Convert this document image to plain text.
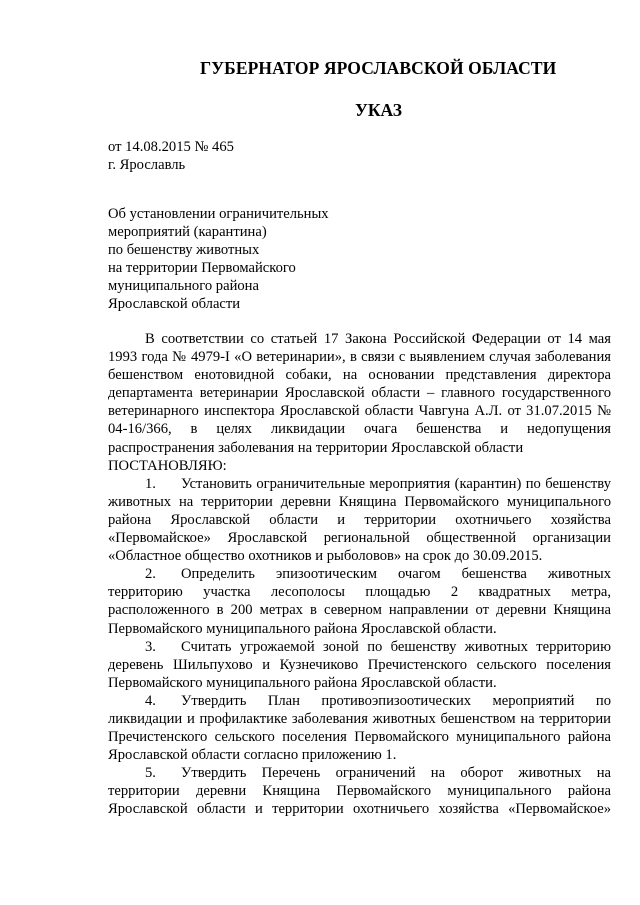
ГУБЕРНАТОР ЯРОСЛАВСКОЙ ОБЛАСТИ
УКАЗ
от 14.08.2015 № 465
г. Ярославль
Об установлении ограничительных
мероприятий (карантина)
по бешенству животных
на территории Первомайского
муниципального района
Ярославской области

В соответствии со статьей 17 Закона Российской Федерации от 14 мая 1993 года № 4979-I «О ветеринарии», в связи с выявлением случая заболевания бешенством енотовидной собаки, на основании представления директора департамента ветеринарии Ярославской области – главного государственного ветеринарного инспектора Ярославской области Чавгуна А.Л. от 31.07.2015 № 04-16/366, в целях ликвидации очага бешенства и недопущения распространения заболевания на территории Ярославской области

ПОСТАНОВЛЯЮ:

1. Установить ограничительные мероприятия (карантин) по бешенству животных на территории деревни Княщина Первомайского муниципального района Ярославской области и территории охотничьего хозяйства «Первомайское» Ярославской региональной общественной организации «Областное общество охотников и рыболовов» на срок до 30.09.2015.

2. Определить эпизоотическим очагом бешенства животных территорию участка лесополосы площадью 2 квадратных метра, расположенного в 200 метрах в северном направлении от деревни Княщина Первомайского муниципального района Ярославской области.

3. Считать угрожаемой зоной по бешенству животных территорию деревень Шильпухово и Кузнечиково Пречистенского сельского поселения Первомайского муниципального района Ярославской области.

4. Утвердить План противоэпизоотических мероприятий по ликвидации и профилактике заболевания животных бешенством на территории Пречистенского сельского поселения Первомайского муниципального района Ярославской области согласно приложению 1.

5. Утвердить Перечень ограничений на оборот животных на территории деревни Княщина Первомайского муниципального района Ярославской области и территории охотничьего хозяйства «Первомайское»
